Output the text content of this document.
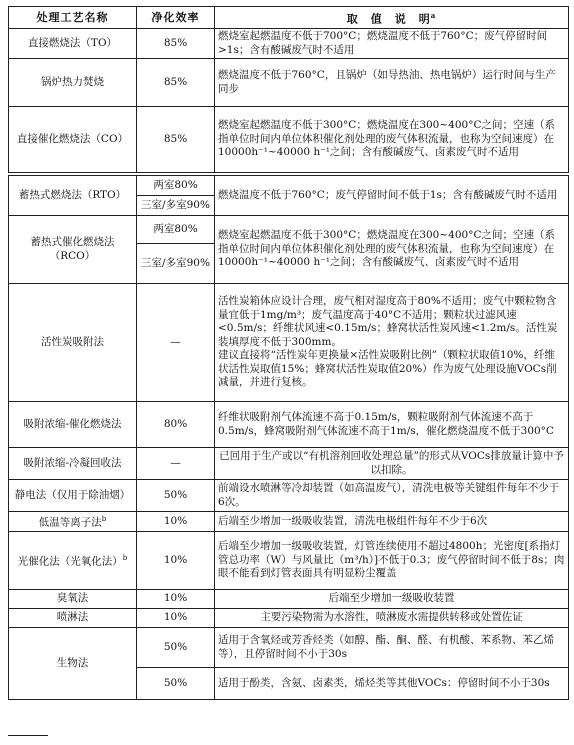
处理工艺名称	净化效率	取　值　说　明$^a$
直接燃烧法（TO）	85%	燃烧室起燃温度不低于700°C；燃烧温度不低于760°C；废气停留时间>1s；含有酸碱废气时不适用
锅炉热力焚烧	85%	燃烧温度不低于760°C，且锅炉（如导热油、热电锅炉）运行时间与生产同步
直接催化燃烧法（CO）	85%	燃烧室起燃温度不低于300°C；燃烧温度在300~400°C之间；空速（系指单位时间内单位体积催化剂处理的废气体积流量，也称为空间速度）在10000h⁻¹~40000 h⁻¹之间；含有酸碱废气、卤素废气时不适用

蓄热式燃烧法（RTO）	两室80%	燃烧温度不低于760°C；废气停留时间不低于1s；含有酸碱废气时不适用
	三室/多室90%	
蓄热式催化燃烧法（RCO）	两室80%	燃烧室起燃温度不低于300°C；燃烧温度在300~400°C之间；空速（系指单位时间内单位体积催化剂处理的废气体积流量，也称为空间速度）在10000h⁻¹~40000 h⁻¹之间；含有酸碱废气、卤素废气时不适用
	三室/多室90%	
活性炭吸附法	—	活性炭箱体应设计合理，废气相对湿度高于80%不适用；废气中颗粒物含量宜低于1mg/m³；废气温度高于40°C不适用；颗粒状过滤风速<0.5m/s；纤维状风速<0.15m/s；蜂窝状活性炭风速<1.2m/s。活性炭装填厚度不低于300mm。
建议直接将“活性炭年更换量×活性炭吸附比例”（颗粒状取值10%，纤维状活性炭取值15%；蜂窝状活性炭取值20%）作为废气处理设施VOCs削减量，并进行复核。

吸附浓缩-催化燃烧法	80%	纤维状吸附剂气体流速不高于0.15m/s，颗粒吸附剂气体流速不高于0.5m/s，蜂窝吸附剂气体流速不高于1m/s，催化燃烧温度不低于300°C
吸附浓缩-冷凝回收法	—	已回用于生产或以“有机溶剂回收处理总量”的形式从VOCs排放量计算中予以扣除。
静电法（仅用于除油烟）	50%	前端设水喷淋等冷却装置（如高温废气），清洗电极等关键组件每年不少于6次。
低温等离子法$^b$	10%	后端至少增加一级吸收装置，清洗电极组件每年不少于6次
光催化法（光氧化法）$^b$	10%	后端至少增加一级吸收装置，灯管连续使用不超过4800h；光密度[系指灯管总功率（W）与风量比（m³/h）]不低于0.3；废气停留时间不低于8s；肉眼不能看到灯管表面具有明显粉尘覆盖
臭氧法	10%	后端至少增加一级吸收装置
喷淋法	10%	主要污染物需为水溶性，喷淋废水需提供转移或处置佐证
生物法	50%	适用于含氧烃或芳香烃类（如醇、酯、酮、醛、有机酸、苯系物、苯乙烯等），且停留时间不小于30s
	50%	适用于酚类，含氨、卤素类，烯烃类等其他VOCs：停留时间不小于30s
